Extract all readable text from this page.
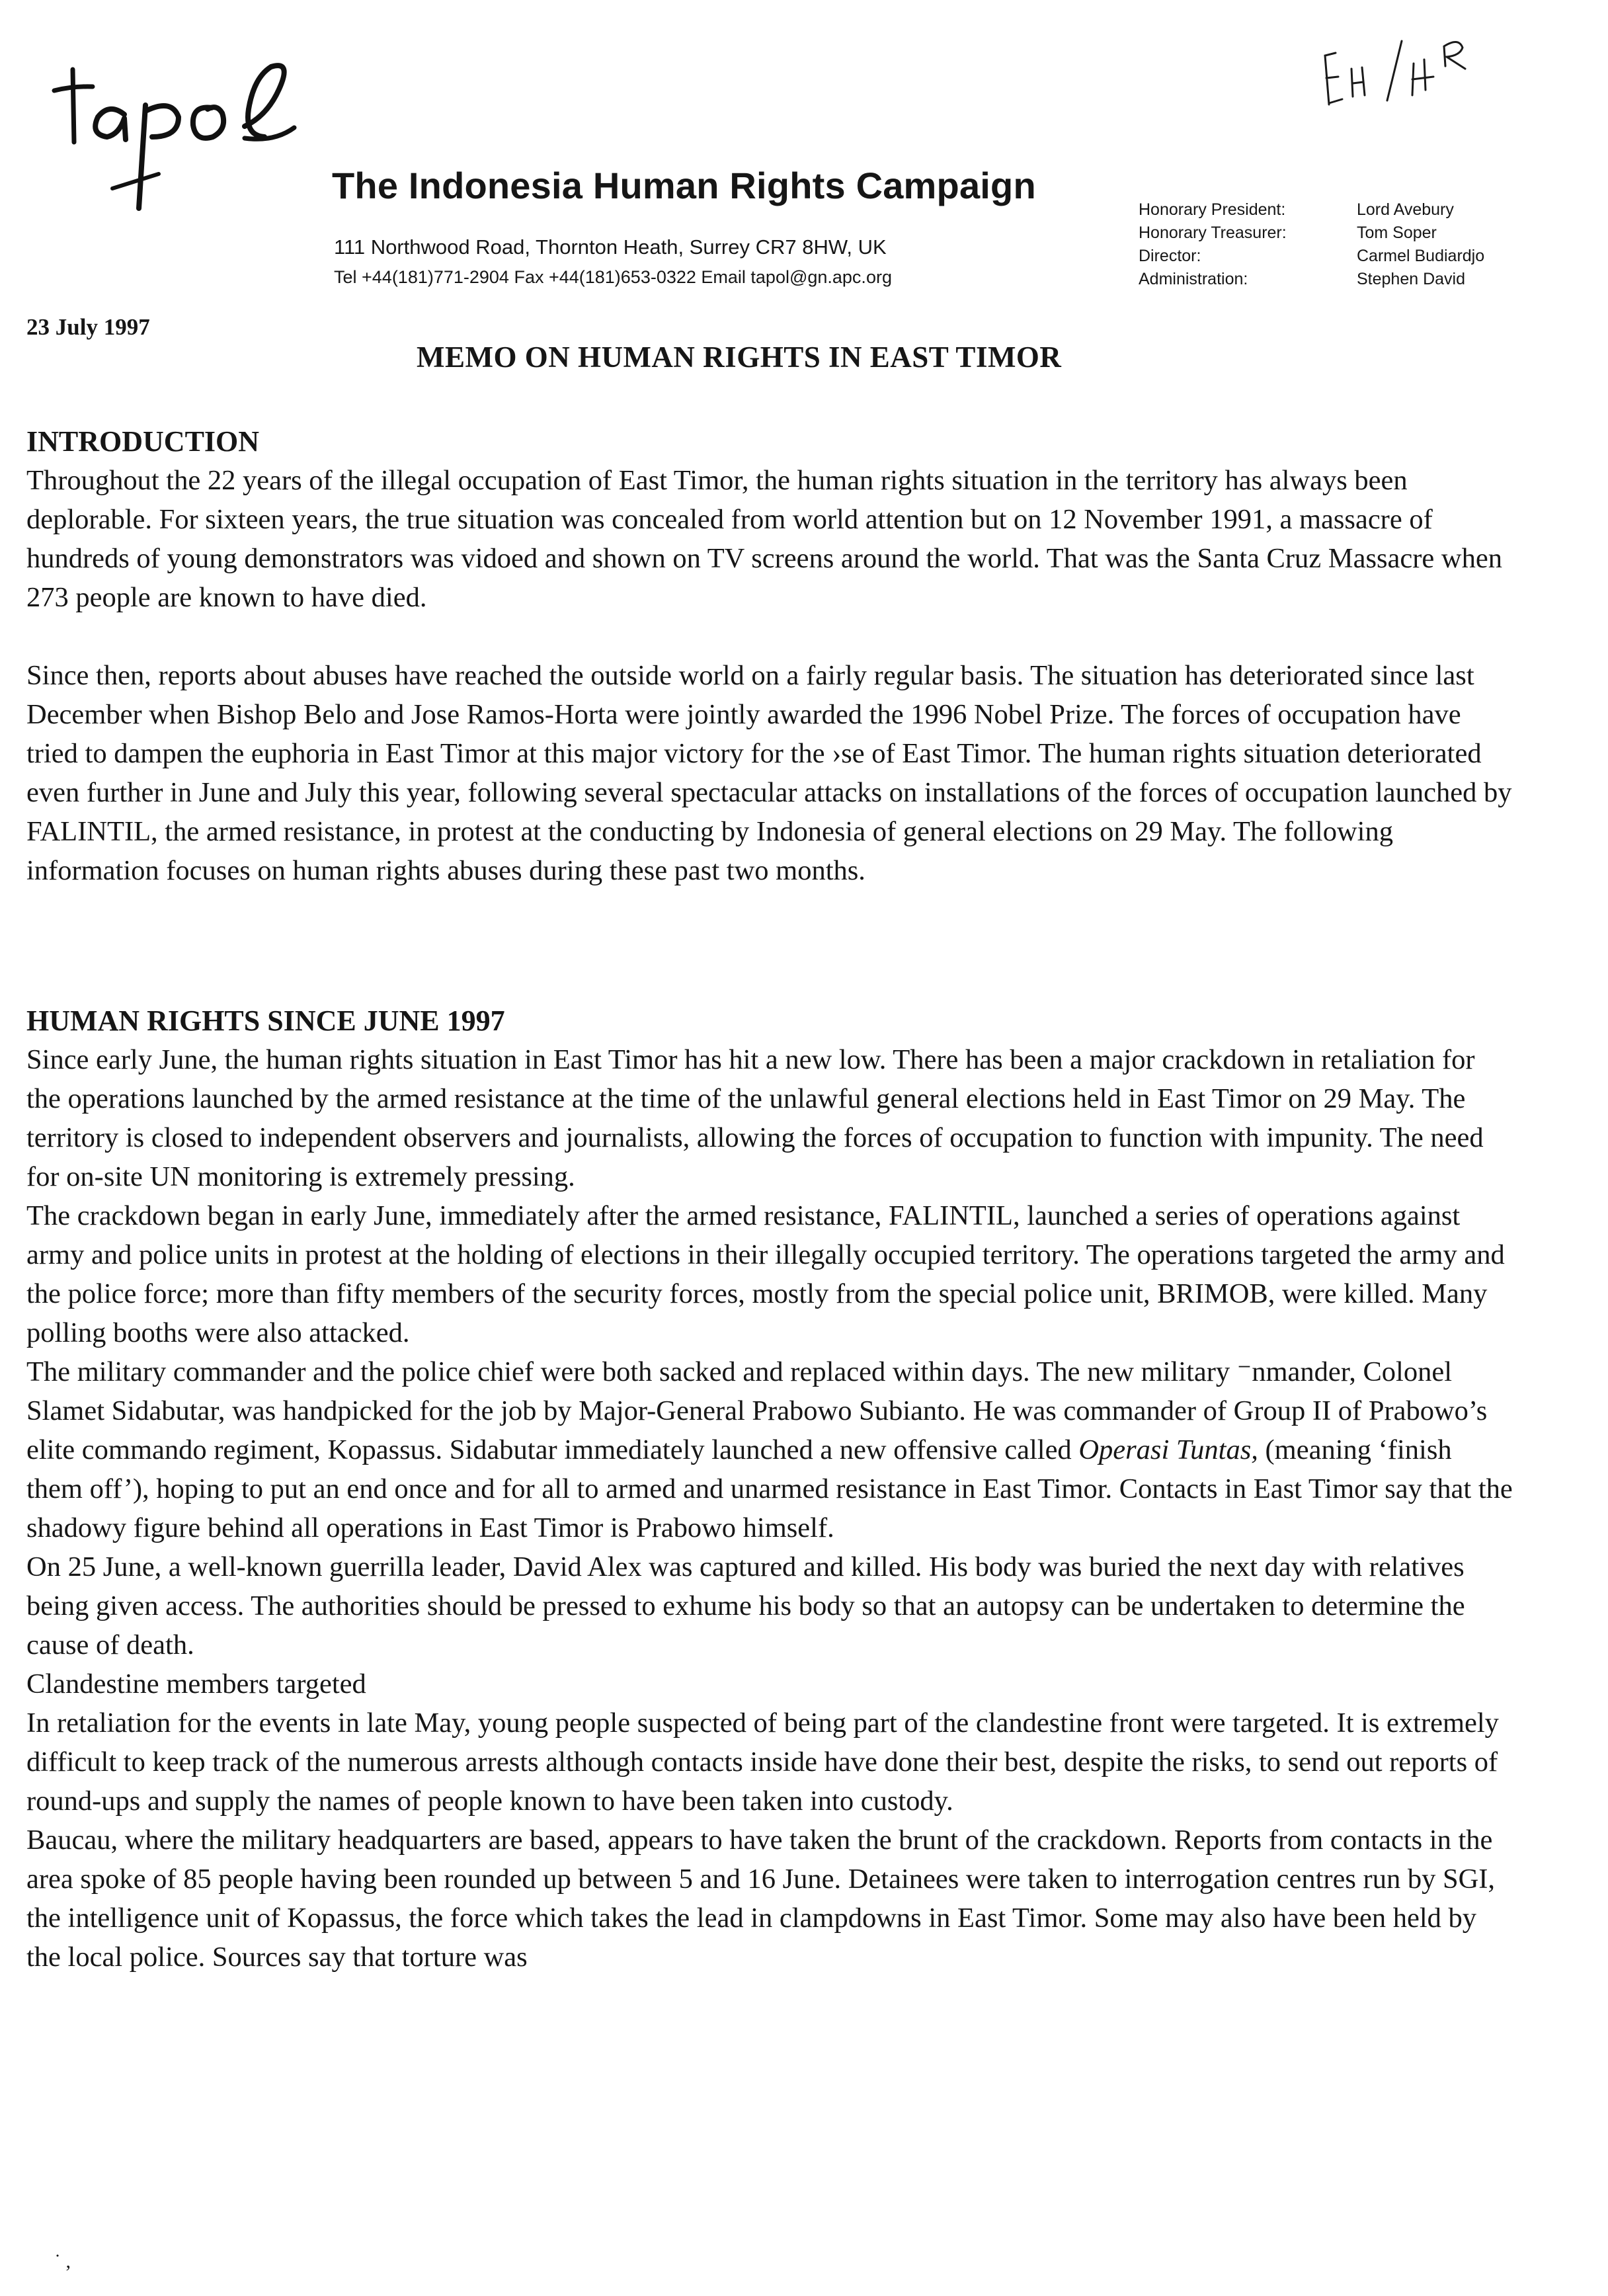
tapol
EH/HR
The Indonesia Human Rights Campaign
111 Northwood Road, Thornton Heath, Surrey CR7 8HW, UK
Tel +44(181)771-2904 Fax +44(181)653-0322 Email tapol@gn.apc.org
Honorary President:	Lord Avebury
Honorary Treasurer:	Tom Soper
Director:	Carmel Budiardjo
Administration:	Stephen David
23 July 1997
MEMO ON HUMAN RIGHTS IN EAST TIMOR

INTRODUCTION

Throughout the 22 years of the illegal occupation of East Timor, the human rights situation in the territory has always been deplorable. For sixteen years, the true situation was concealed from world attention but on 12 November 1991, a massacre of hundreds of young demonstrators was vidoed and shown on TV screens around the world. That was the Santa Cruz Massacre when 273 people are known to have died.

Since then, reports about abuses have reached the outside world on a fairly regular basis. The situation has deteriorated since last December when Bishop Belo and Jose Ramos-Horta were jointly awarded the 1996 Nobel Prize. The forces of occupation have tried to dampen the euphoria in East Timor at this major victory for the ›se of East Timor. The human rights situation deteriorated even further in June and July this year, following several spectacular attacks on installations of the forces of occupation launched by FALINTIL, the armed resistance, in protest at the conducting by Indonesia of general elections on 29 May. The following information focuses on human rights abuses during these past two months.

HUMAN RIGHTS SINCE JUNE 1997

Since early June, the human rights situation in East Timor has hit a new low. There has been a major crackdown in retaliation for the operations launched by the armed resistance at the time of the unlawful general elections held in East Timor on 29 May. The territory is closed to independent observers and journalists, allowing the forces of occupation to function with impunity. The need for on-site UN monitoring is extremely pressing.

The crackdown began in early June, immediately after the armed resistance, FALINTIL, launched a series of operations against army and police units in protest at the holding of elections in their illegally occupied territory. The operations targeted the army and the police force; more than fifty members of the security forces, mostly from the special police unit, BRIMOB, were killed. Many polling booths were also attacked.

The military commander and the police chief were both sacked and replaced within days. The new military ⁻nmander, Colonel Slamet Sidabutar, was handpicked for the job by Major-General Prabowo Subianto. He was commander of Group II of Prabowo’s elite commando regiment, Kopassus. Sidabutar immediately launched a new offensive called Operasi Tuntas, (meaning ‘finish them off’), hoping to put an end once and for all to armed and unarmed resistance in East Timor. Contacts in East Timor say that the shadowy figure behind all operations in East Timor is Prabowo himself.

On 25 June, a well-known guerrilla leader, David Alex was captured and killed. His body was buried the next day with relatives being given access. The authorities should be pressed to exhume his body so that an autopsy can be undertaken to determine the cause of death.

Clandestine members targeted

In retaliation for the events in late May, young people suspected of being part of the clandestine front were targeted. It is extremely difficult to keep track of the numerous arrests although contacts inside have done their best, despite the risks, to send out reports of round-ups and supply the names of people known to have been taken into custody.

Baucau, where the military headquarters are based, appears to have taken the brunt of the crackdown. Reports from contacts in the area spoke of 85 people having been rounded up between 5 and 16 June. Detainees were taken to interrogation centres run by SGI, the intelligence unit of Kopassus, the force which takes the lead in clampdowns in East Timor. Some may also have been held by the local police. Sources say that torture was

˙ ,
